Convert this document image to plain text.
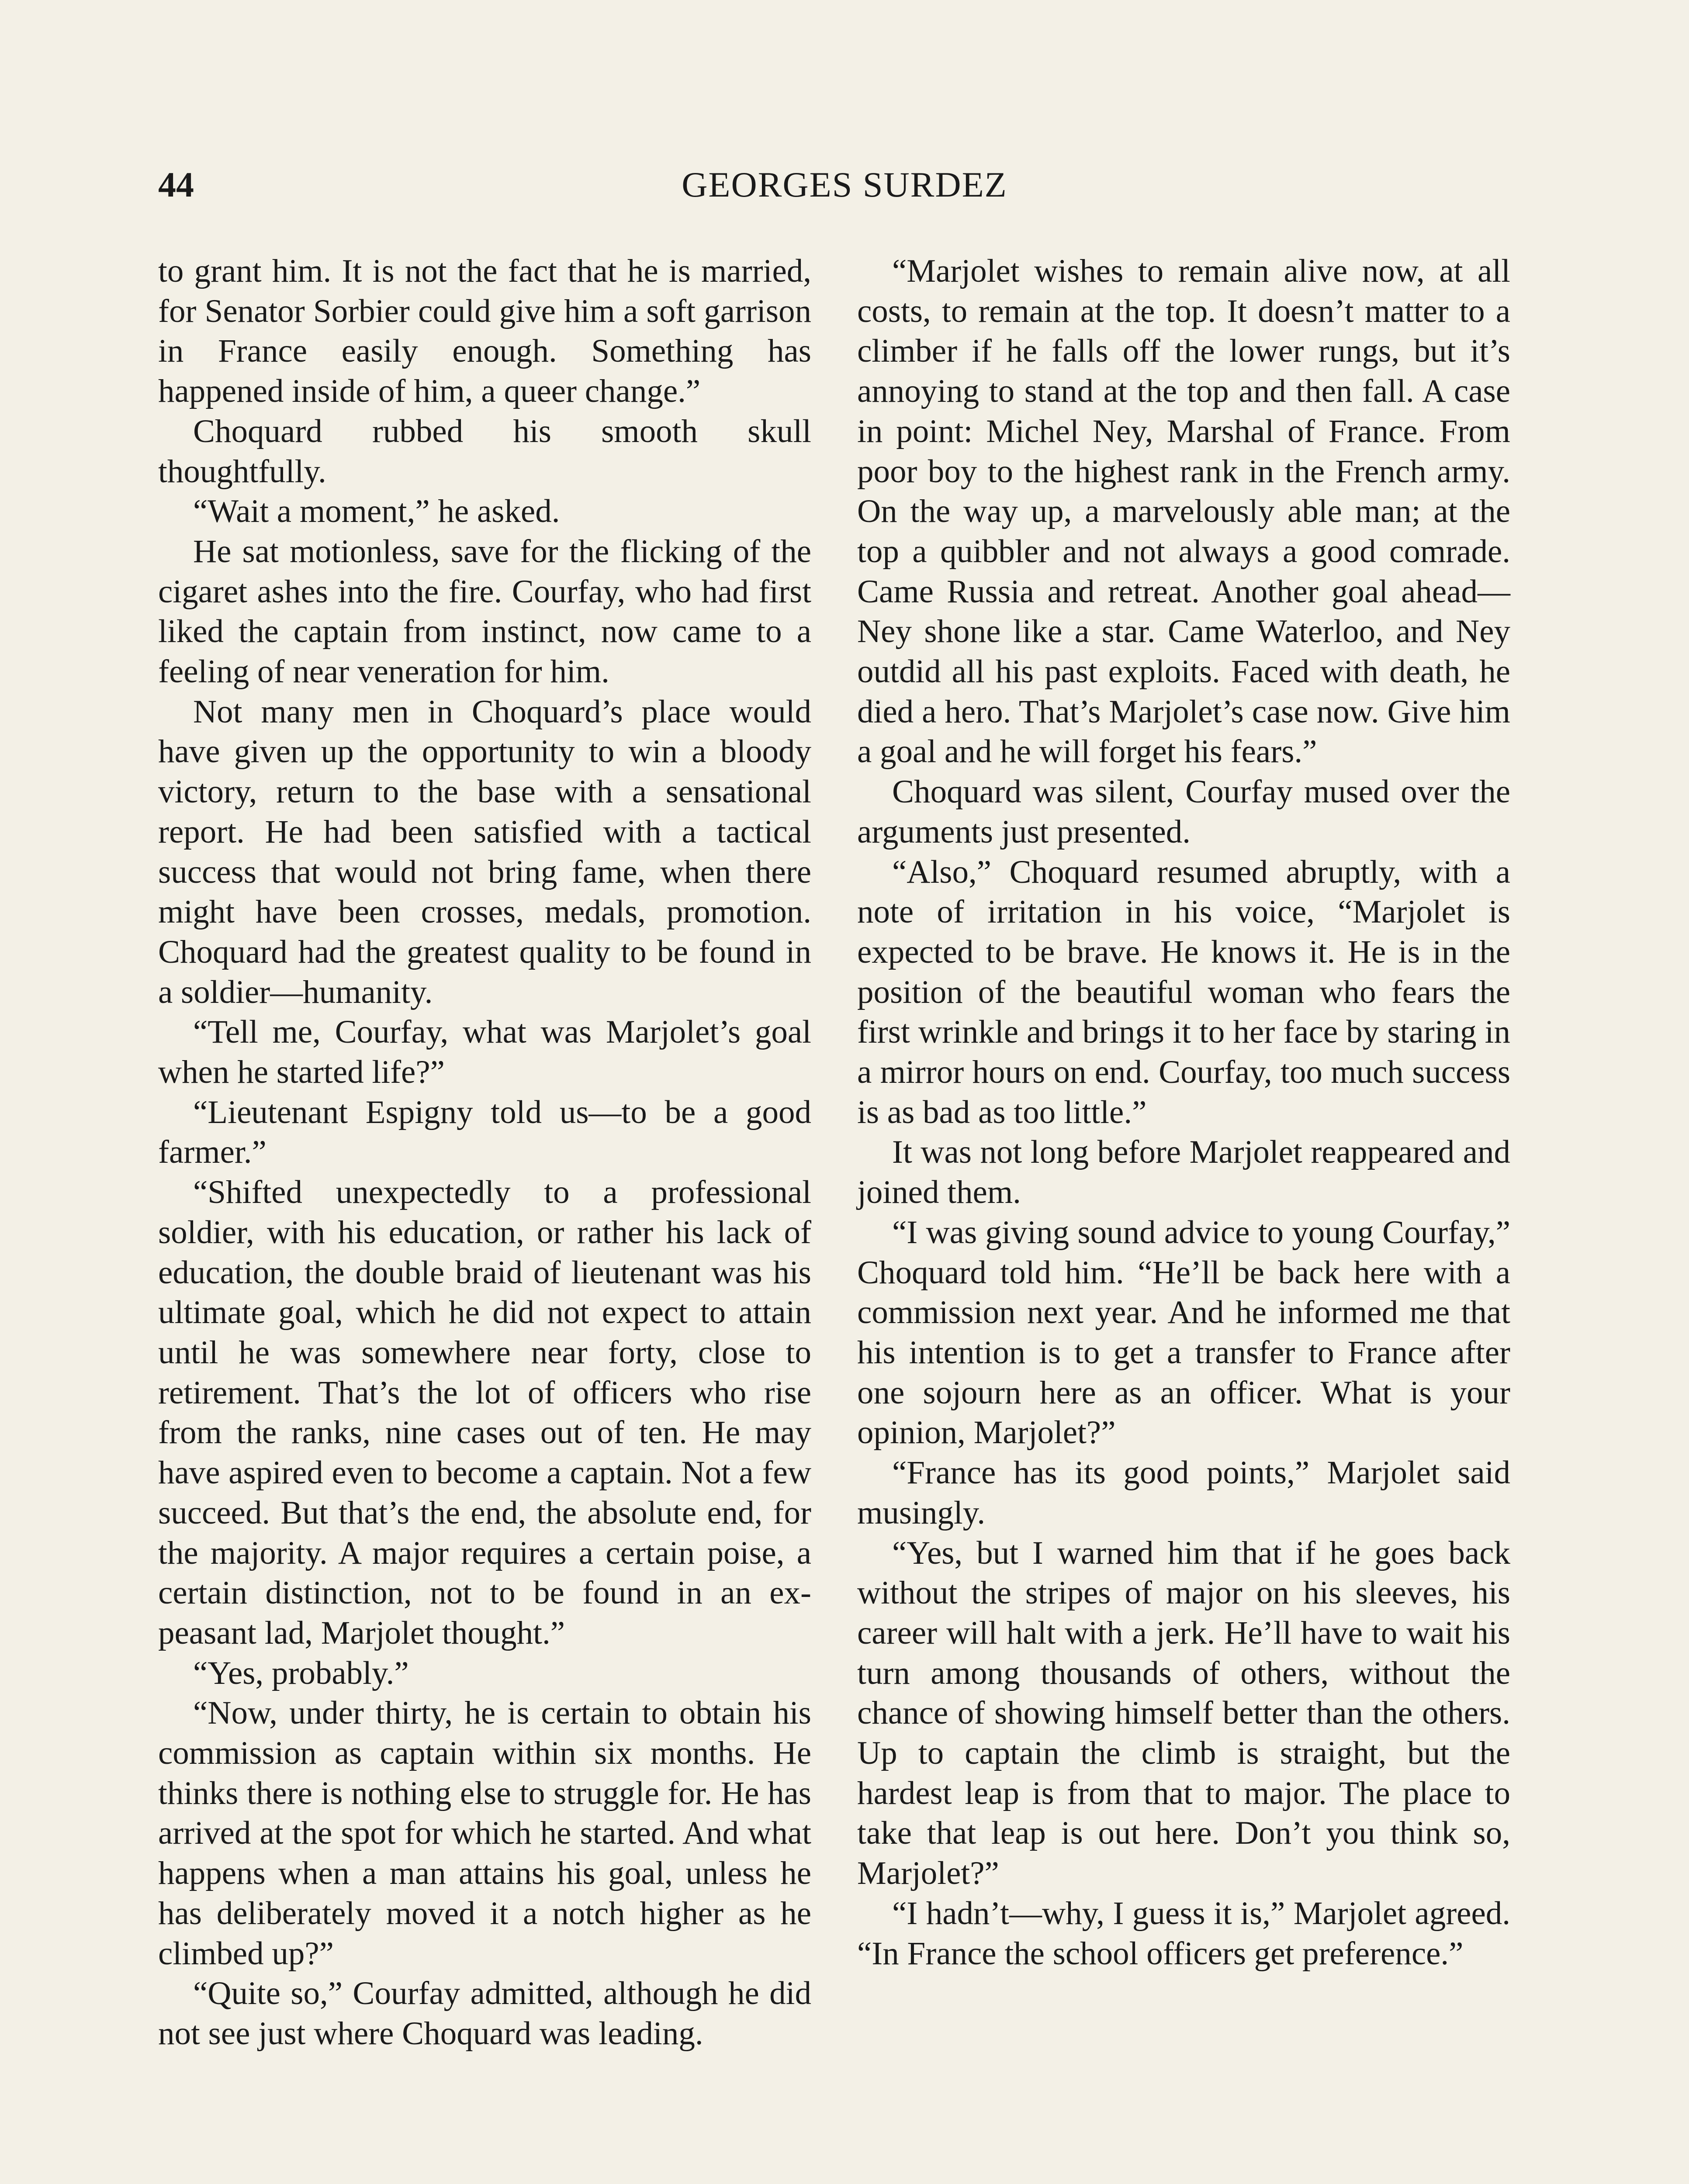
44	GEORGES SURDEZ

to grant him. It is not the fact that he is married, for Senator Sorbier could give him a soft garrison in France easily enough. Something has happened inside of him, a queer change.”

Choquard rubbed his smooth skull thoughtfully.

“Wait a moment,” he asked.

He sat motionless, save for the flicking of the cigaret ashes into the fire. Courfay, who had first liked the captain from instinct, now came to a feeling of near veneration for him.

Not many men in Choquard’s place would have given up the opportunity to win a bloody victory, return to the base with a sensational report. He had been satisfied with a tactical success that would not bring fame, when there might have been crosses, medals, promotion. Choquard had the greatest quality to be found in a soldier—humanity.

“Tell me, Courfay, what was Marjolet’s goal when he started life?”

“Lieutenant Espigny told us—to be a good farmer.”

“Shifted unexpectedly to a professional soldier, with his education, or rather his lack of education, the double braid of lieutenant was his ultimate goal, which he did not expect to attain until he was somewhere near forty, close to retirement. That’s the lot of officers who rise from the ranks, nine cases out of ten. He may have aspired even to become a captain. Not a few succeed. But that’s the end, the absolute end, for the majority. A major requires a certain poise, a certain distinction, not to be found in an ex-peasant lad, Marjolet thought.”

“Yes, probably.”

“Now, under thirty, he is certain to obtain his commission as captain within six months. He thinks there is nothing else to struggle for. He has arrived at the spot for which he started. And what happens when a man attains his goal, unless he has deliberately moved it a notch higher as he climbed up?”

“Quite so,” Courfay admitted, although he did not see just where Choquard was leading.

“Marjolet wishes to remain alive now, at all costs, to remain at the top. It doesn’t matter to a climber if he falls off the lower rungs, but it’s annoying to stand at the top and then fall. A case in point: Michel Ney, Marshal of France. From poor boy to the highest rank in the French army. On the way up, a marvelously able man; at the top a quibbler and not always a good comrade. Came Russia and retreat. Another goal ahead—Ney shone like a star. Came Waterloo, and Ney outdid all his past exploits. Faced with death, he died a hero. That’s Marjolet’s case now. Give him a goal and he will forget his fears.”

Choquard was silent, Courfay mused over the arguments just presented.

“Also,” Choquard resumed abruptly, with a note of irritation in his voice, “Marjolet is expected to be brave. He knows it. He is in the position of the beautiful woman who fears the first wrinkle and brings it to her face by staring in a mirror hours on end. Courfay, too much success is as bad as too little.”

It was not long before Marjolet reappeared and joined them.

“I was giving sound advice to young Courfay,” Choquard told him. “He’ll be back here with a commission next year. And he informed me that his intention is to get a transfer to France after one sojourn here as an officer. What is your opinion, Marjolet?”

“France has its good points,” Marjolet said musingly.

“Yes, but I warned him that if he goes back without the stripes of major on his sleeves, his career will halt with a jerk. He’ll have to wait his turn among thousands of others, without the chance of showing himself better than the others. Up to captain the climb is straight, but the hardest leap is from that to major. The place to take that leap is out here. Don’t you think so, Marjolet?”

“I hadn’t—why, I guess it is,” Marjolet agreed. “In France the school officers get preference.”
